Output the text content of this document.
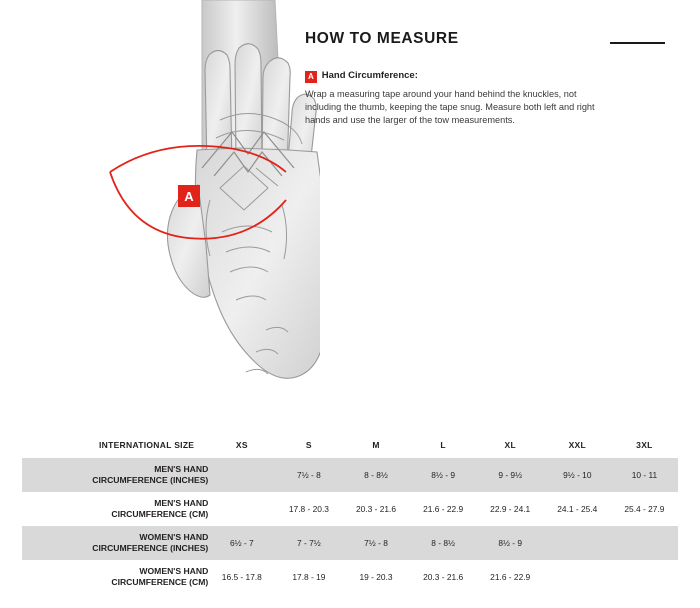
A
HOW TO MEASURE
A Hand Circumference:

Wrap a measuring tape around your hand behind the knuckles, not including the thumb, keeping the tape snug. Measure both left and right hands and use the larger of the tow measurements.

INTERNATIONAL SIZE	XS	S	M	L	XL	XXL	3XL
MEN'S HAND
CIRCUMFERENCE (INCHES)		7½ - 8	8 - 8½	8½ - 9	9 - 9½	9½ - 10	10 - 11
MEN'S HAND
CIRCUMFERENCE (CM)		17.8 - 20.3	20.3 - 21.6	21.6 - 22.9	22.9 - 24.1	24.1 - 25.4	25.4 - 27.9
WOMEN'S HAND
CIRCUMFERENCE (INCHES)	6½ - 7	7 - 7½	7½ - 8	8 - 8½	8½ - 9		
WOMEN'S HAND
CIRCUMFERENCE (CM)	16.5 - 17.8	17.8 - 19	19 - 20.3	20.3 - 21.6	21.6 - 22.9		
